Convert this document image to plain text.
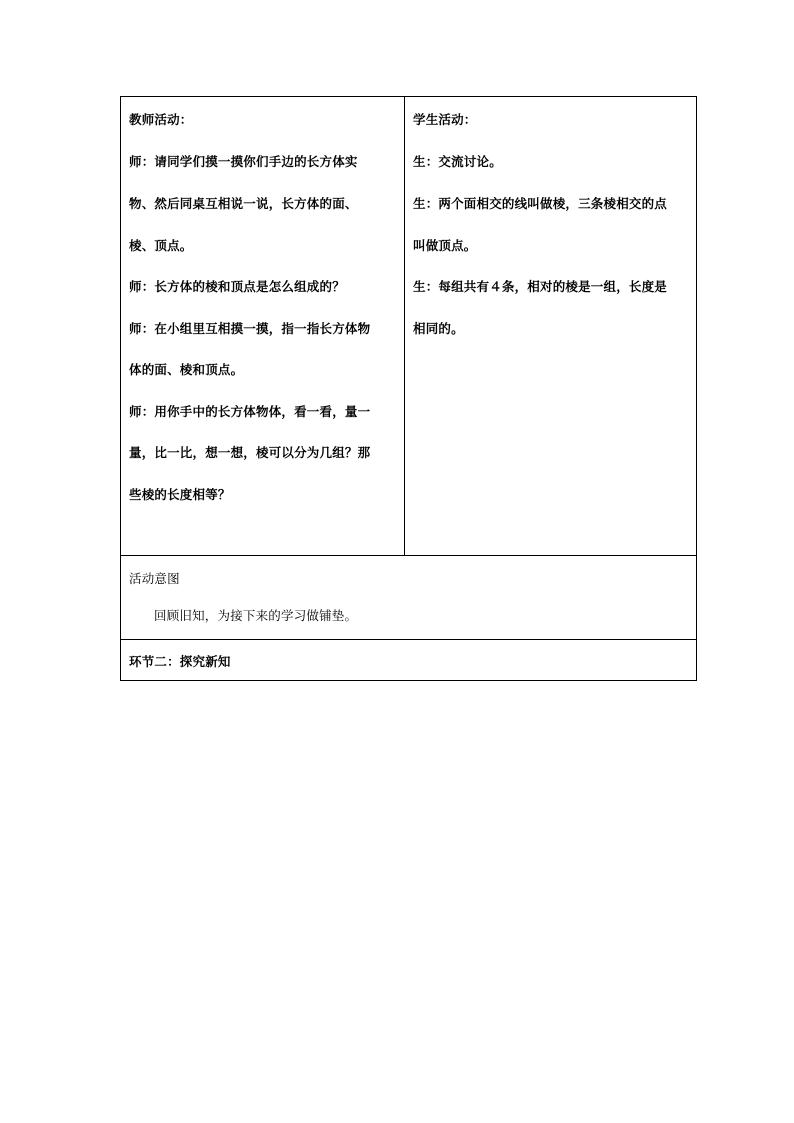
教师活动：
师：请同学们摸一摸你们手边的长方体实
物、然后同桌互相说一说，长方体的面、
棱、顶点。
师：长方体的棱和顶点是怎么组成的？
师：在小组里互相摸一摸，指一指长方体物
体的面、棱和顶点。
师：用你手中的长方体物体，看一看，量一
量，比一比，想一想，棱可以分为几组？那
些棱的长度相等？
学生活动：
生：交流讨论。
生：两个面相交的线叫做棱，三条棱相交的点
叫做顶点。
生：每组共有４条，相对的棱是一组，长度是
相同的。
活动意图
回顾旧知，为接下来的学习做铺垫。
环节二：探究新知
